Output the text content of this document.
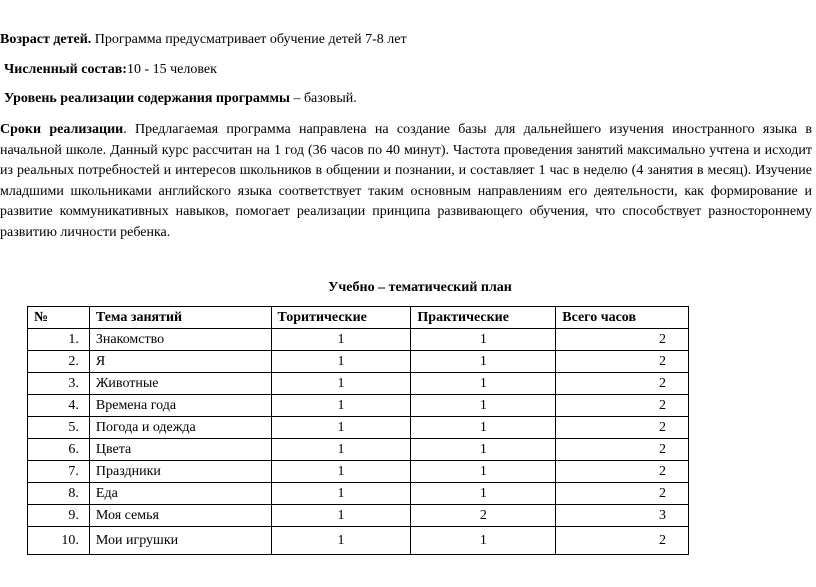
Возраст детей. Программа предусматривает обучение детей 7-8 лет
Численный состав:10 - 15 человек
Уровень реализации содержания программы – базовый.
Сроки реализации. Предлагаемая программа направлена на создание базы для дальнейшего изучения иностранного языка в начальной школе. Данный курс рассчитан на 1 год (36 часов по 40 минут). Частота проведения занятий максимально учтена и исходит из реальных потребностей и интересов школьников в общении и познании, и составляет 1 час в неделю (4 занятия в месяц). Изучение младшими школьниками английского языка соответствует таким основным направлениям его деятельности, как формирование и развитие коммуникативных навыков, помогает реализации принципа развивающего обучения, что способствует разностороннему развитию личности ребенка.
Учебно – тематический план
№	Тема занятий	Торитические	Практические	Всего часов
1.	Знакомство	1	1	2
2.	Я	1	1	2
3.	Животные	1	1	2
4.	Времена года	1	1	2
5.	Погода и одежда	1	1	2
6.	Цвета	1	1	2
7.	Праздники	1	1	2
8.	Еда	1	1	2
9.	Моя семья	1	2	3
10.	Мои игрушки	1	1	2
